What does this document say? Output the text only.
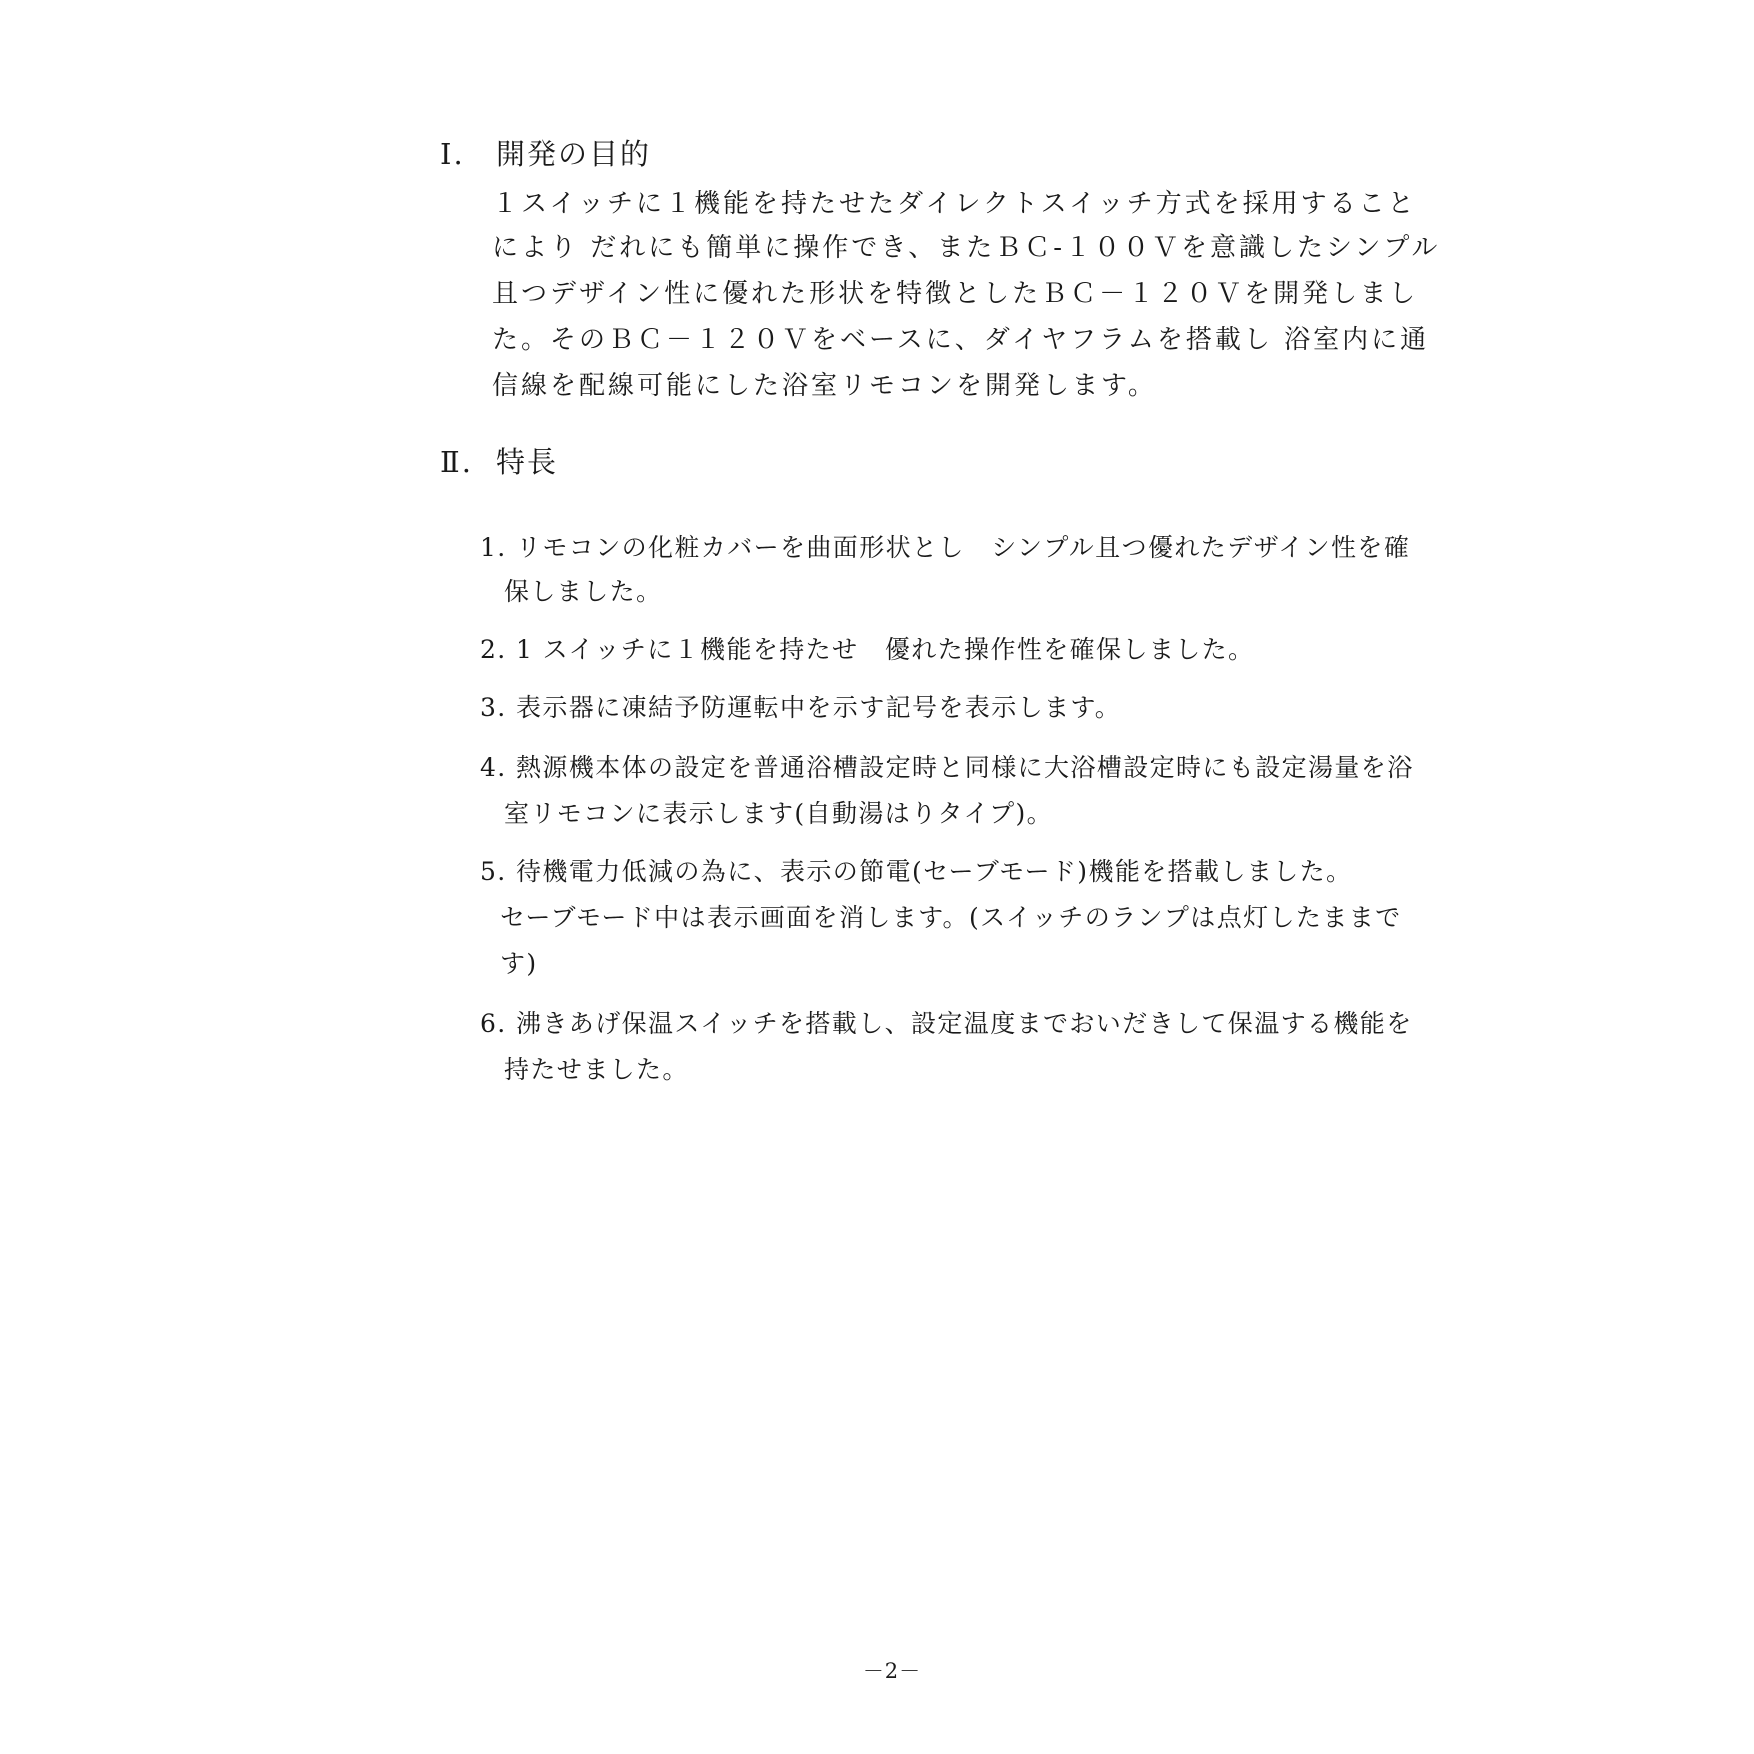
Ⅰ. 開発の目的
１スイッチに１機能を持たせたダイレクトスイッチ方式を採用すること
により だれにも簡単に操作でき、またＢＣ‐１００Ｖを意識したシンプル
且つデザイン性に優れた形状を特徴としたＢＣ－１２０Ｖを開発しまし
た。そのＢＣ－１２０Ｖをベースに、ダイヤフラムを搭載し 浴室内に通
信線を配線可能にした浴室リモコンを開発します。
Ⅱ. 特長
1. リモコンの化粧カバーを曲面形状とし　シンプル且つ優れたデザイン性を確
保しました。
2. 1 スイッチに１機能を持たせ　優れた操作性を確保しました。
3. 表示器に凍結予防運転中を示す記号を表示します。
4. 熱源機本体の設定を普通浴槽設定時と同様に大浴槽設定時にも設定湯量を浴
室リモコンに表示します(自動湯はりタイプ)。
5. 待機電力低減の為に、表示の節電(セーブモード)機能を搭載しました。
セーブモード中は表示画面を消します。(スイッチのランプは点灯したままで
す)
6. 沸きあげ保温スイッチを搭載し、設定温度までおいだきして保温する機能を
持たせました。
－2－
